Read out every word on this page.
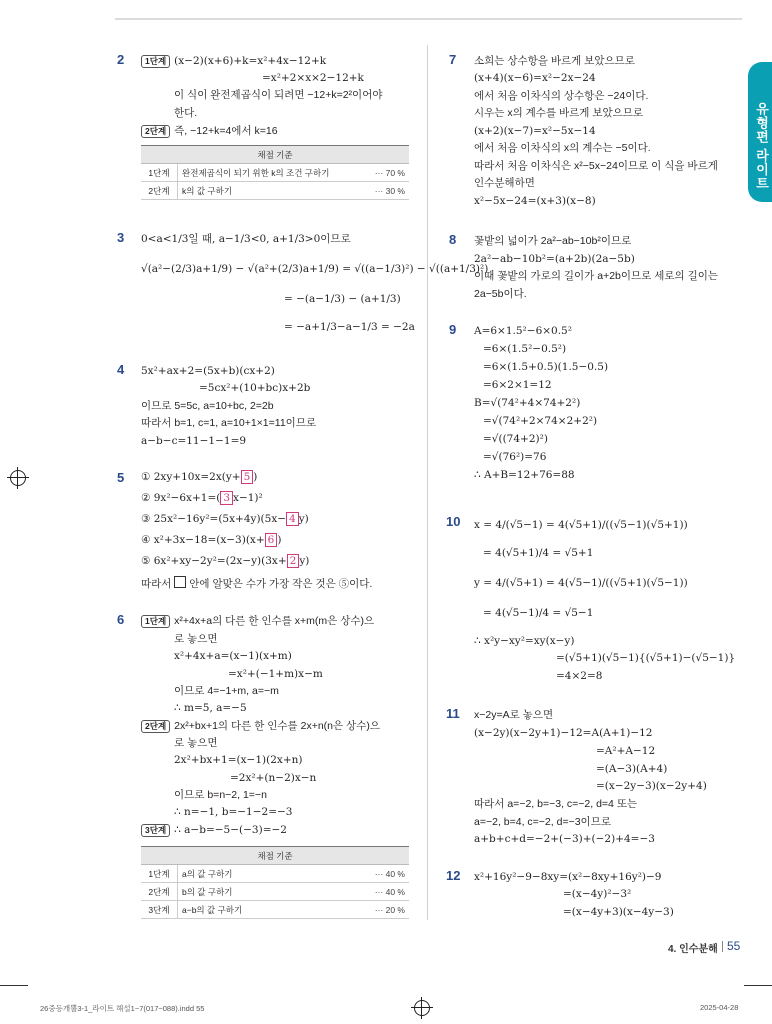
유형편 라이트
2	1단계 (x−2)(x+6)+k=x²+4x−12+k
=x²+2×x×2−12+k
이 식이 완전제곱식이 되려면 −12+k=2²이어야
한다.
2단계 즉, −12+k=4에서 k=16
채점 기준		
1단계	완전제곱식이 되기 위한 k의 조건 구하기	··· 70 %
2단계	k의 값 구하기	··· 30 %
3 0<a<1/3일 때, a−1/3<0, a+1/3>0이므로
√(a²−(2/3)a+1/9) − √(a²+(2/3)a+1/9) = √((a−1/3)²) − √((a+1/3)²)
= −(a−1/3) − (a+1/3)
= −a+1/3−a−1/3 = −2a
4 5x²+ax+2=(5x+b)(cx+2)
=5cx²+(10+bc)x+2b
이므로 5=5c, a=10+bc, 2=2b
따라서 b=1, c=1, a=10+1×1=11이므로
a−b−c=11−1−1=9
5 ① 2xy+10x=2x(y+ 5 )
② 9x²−6x+1=( 3 x−1)²
③ 25x²−16y²=(5x+4y)(5x− 4 y)
④ x²+3x−18=(x−3)(x+ 6 )
⑤ 6x²+xy−2y²=(2x−y)(3x+ 2 y)
따라서 안에 알맞은 수가 가장 작은 것은 ⑤이다.
6	1단계 x²+4x+a의 다른 한 인수를 x+m(m은 상수)으
로 놓으면
x²+4x+a=(x−1)(x+m)
=x²+(−1+m)x−m
이므로 4=−1+m, a=−m
∴ m=5, a=−5
2단계 2x²+bx+1의 다른 한 인수를 2x+n(n은 상수)으
로 놓으면
2x²+bx+1=(x−1)(2x+n)
=2x²+(n−2)x−n
이므로 b=n−2, 1=−n
∴ n=−1, b=−1−2=−3
3단계 ∴ a−b=−5−(−3)=−2
채점 기준		
1단계	a의 값 구하기	··· 40 %
2단계	b의 값 구하기	··· 40 %
3단계	a−b의 값 구하기	··· 20 %
7 소희는 상수항을 바르게 보았으므로
(x+4)(x−6)=x²−2x−24
에서 처음 이차식의 상수항은 −24이다.
시우는 x의 계수를 바르게 보았으므로
(x+2)(x−7)=x²−5x−14
에서 처음 이차식의 x의 계수는 −5이다.
따라서 처음 이차식은 x²−5x−24이므로 이 식을 바르게
인수분해하면
x²−5x−24=(x+3)(x−8)
8 꽃밭의 넓이가 2a²−ab−10b²이므로
2a²−ab−10b²=(a+2b)(2a−5b)
이때 꽃밭의 가로의 길이가 a+2b이므로 세로의 길이는
2a−5b이다.
9 A=6×1.5²−6×0.5²
=6×(1.5²−0.5²)
=6×(1.5+0.5)(1.5−0.5)
=6×2×1=12
B=√(74²+4×74+2²)
=√(74²+2×74×2+2²)
=√((74+2)²)
=√(76²)=76
∴ A+B=12+76=88
10 x = 4/(√5−1) = 4(√5+1)/((√5−1)(√5+1))
= 4(√5+1)/4 = √5+1
y = 4/(√5+1) = 4(√5−1)/((√5+1)(√5−1))
= 4(√5−1)/4 = √5−1
∴ x²y−xy²=xy(x−y)
=(√5+1)(√5−1){(√5+1)−(√5−1)}
=4×2=8
11 x−2y=A로 놓으면
(x−2y)(x−2y+1)−12=A(A+1)−12
=A²+A−12
=(A−3)(A+4)
=(x−2y−3)(x−2y+4)
따라서 a=−2, b=−3, c=−2, d=4 또는
a=−2, b=4, c=−2, d=−3이므로
a+b+c+d=−2+(−3)+(−2)+4=−3
12 x²+16y²−9−8xy=(x²−8xy+16y²)−9
=(x−4y)²−3²
=(x−4y+3)(x−4y−3)
4. 인수분해 55
26중등개뿔3-1_라이트 해설1~7(017~088).indd 55	2025-04-28
